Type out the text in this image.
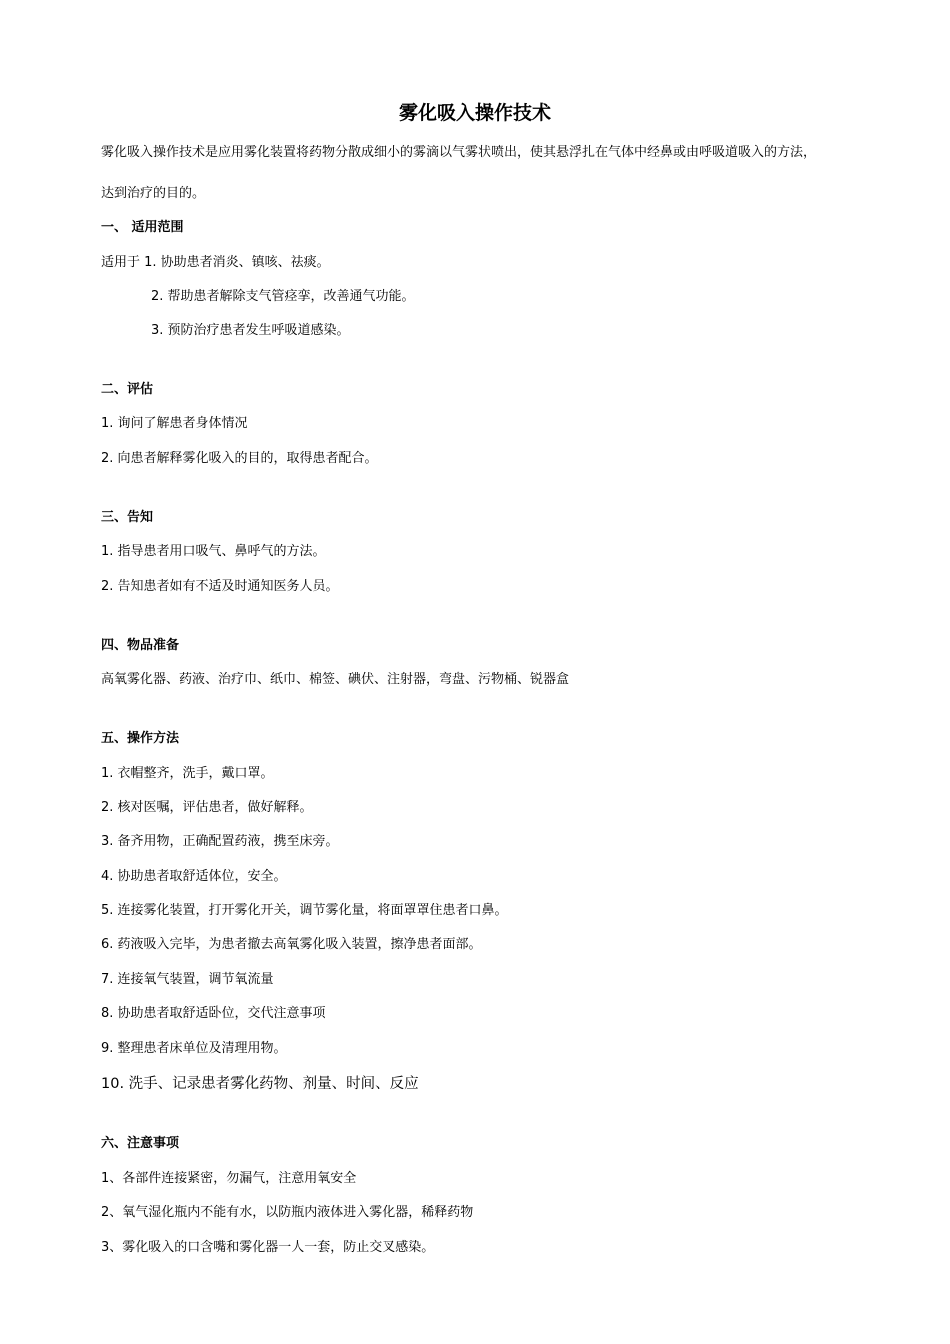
雾化吸入操作技术
雾化吸入操作技术是应用雾化装置将药物分散成细小的雾滴以气雾状喷出，使其悬浮扎在气体中经鼻或由呼吸道吸入的方法，
达到治疗的目的。
一、 适用范围
适用于 1. 协助患者消炎、镇咳、祛痰。
2. 帮助患者解除支气管痉挛，改善通气功能。
3. 预防治疗患者发生呼吸道感染。
二、评估
1. 询问了解患者身体情况
2. 向患者解释雾化吸入的目的，取得患者配合。
三、告知
1. 指导患者用口吸气、鼻呼气的方法。
2. 告知患者如有不适及时通知医务人员。
四、物品准备
高氧雾化器、药液、治疗巾、纸巾、棉签、碘伏、注射器，弯盘、污物桶、锐器盒
五、操作方法
1. 衣帽整齐，洗手，戴口罩。
2. 核对医嘱，评估患者，做好解释。
3. 备齐用物，正确配置药液，携至床旁。
4. 协助患者取舒适体位，安全。
5. 连接雾化装置，打开雾化开关，调节雾化量，将面罩罩住患者口鼻。
6. 药液吸入完毕，为患者撤去高氧雾化吸入装置，擦净患者面部。
7. 连接氧气装置，调节氧流量
8. 协助患者取舒适卧位，交代注意事项
9. 整理患者床单位及清理用物。
10. 洗手、记录患者雾化药物、剂量、时间、反应
六、注意事项
1、各部件连接紧密，勿漏气，注意用氧安全
2、氧气湿化瓶内不能有水，以防瓶内液体进入雾化器，稀释药物
3、雾化吸入的口含嘴和雾化器一人一套，防止交叉感染。
